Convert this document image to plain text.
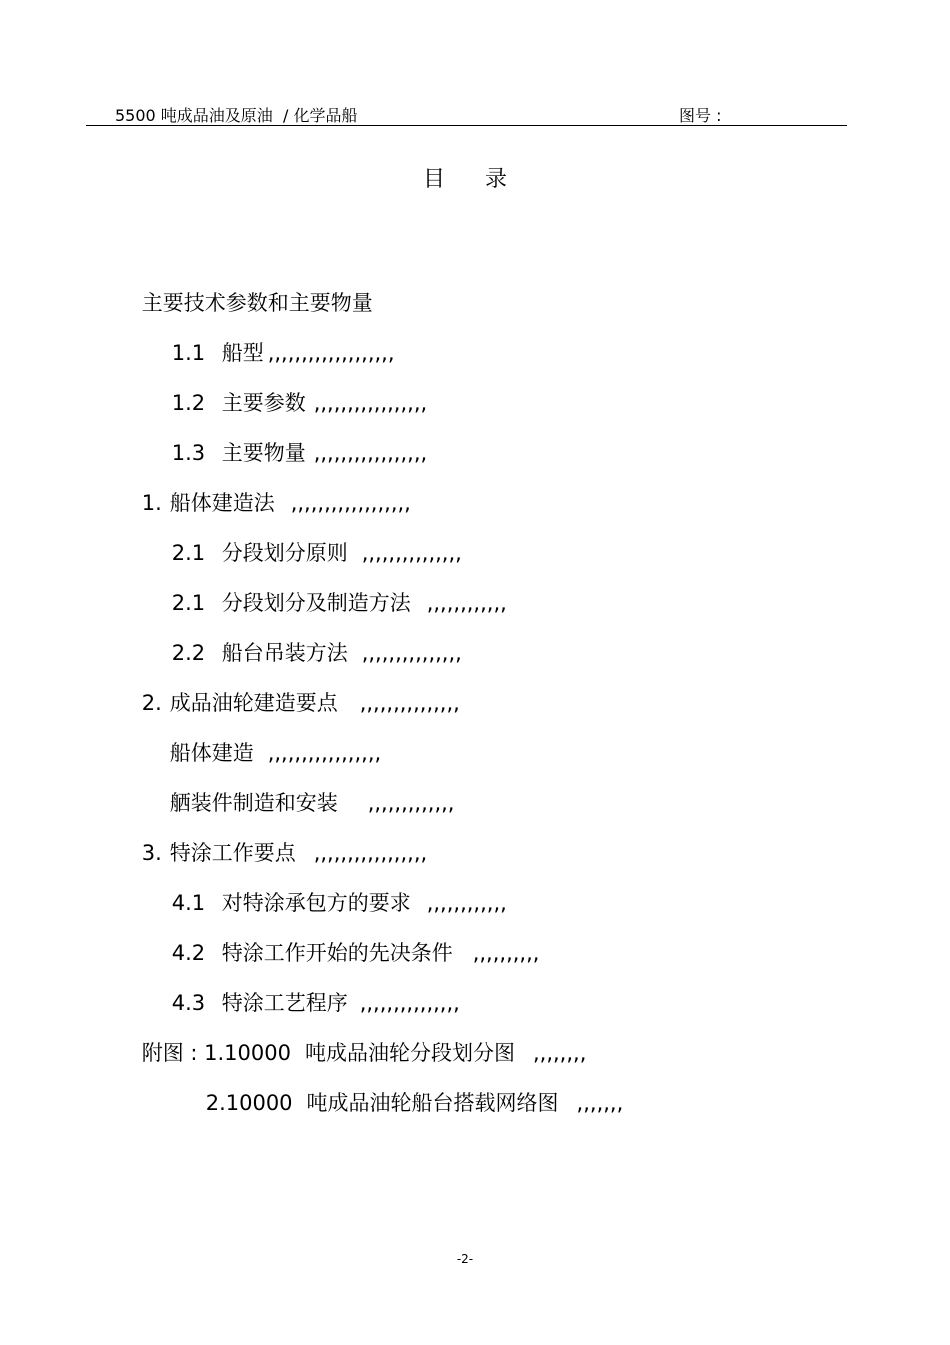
5500 吨成品油及原油  / 化学品船	图号 :
目录

主要技术参数和主要物量

1.1 船型 ,,,,,,,,,,,,,,,,,,,

1.2 主要参数 ,,,,,,,,,,,,,,,,,

1.3 主要物量 ,,,,,,,,,,,,,,,,,

1. 船体建造法 ,,,,,,,,,,,,,,,,,,

2.1 分段划分原则 ,,,,,,,,,,,,,,,

2.1 分段划分及制造方法 ,,,,,,,,,,,,

2.2 船台吊装方法 ,,,,,,,,,,,,,,,

2. 成品油轮建造要点 ,,,,,,,,,,,,,,,

船体建造 ,,,,,,,,,,,,,,,,,

舾装件制造和安装 ,,,,,,,,,,,,,

3. 特涂工作要点 ,,,,,,,,,,,,,,,,,

4.1 对特涂承包方的要求 ,,,,,,,,,,,,

4.2 特涂工作开始的先决条件 ,,,,,,,,,,

4.3 特涂工艺程序 ,,,,,,,,,,,,,,,

附图 : 1.10000 吨成品油轮分段划分图 ,,,,,,,,

2.10000 吨成品油轮船台搭载网络图 ,,,,,,,

-2-
